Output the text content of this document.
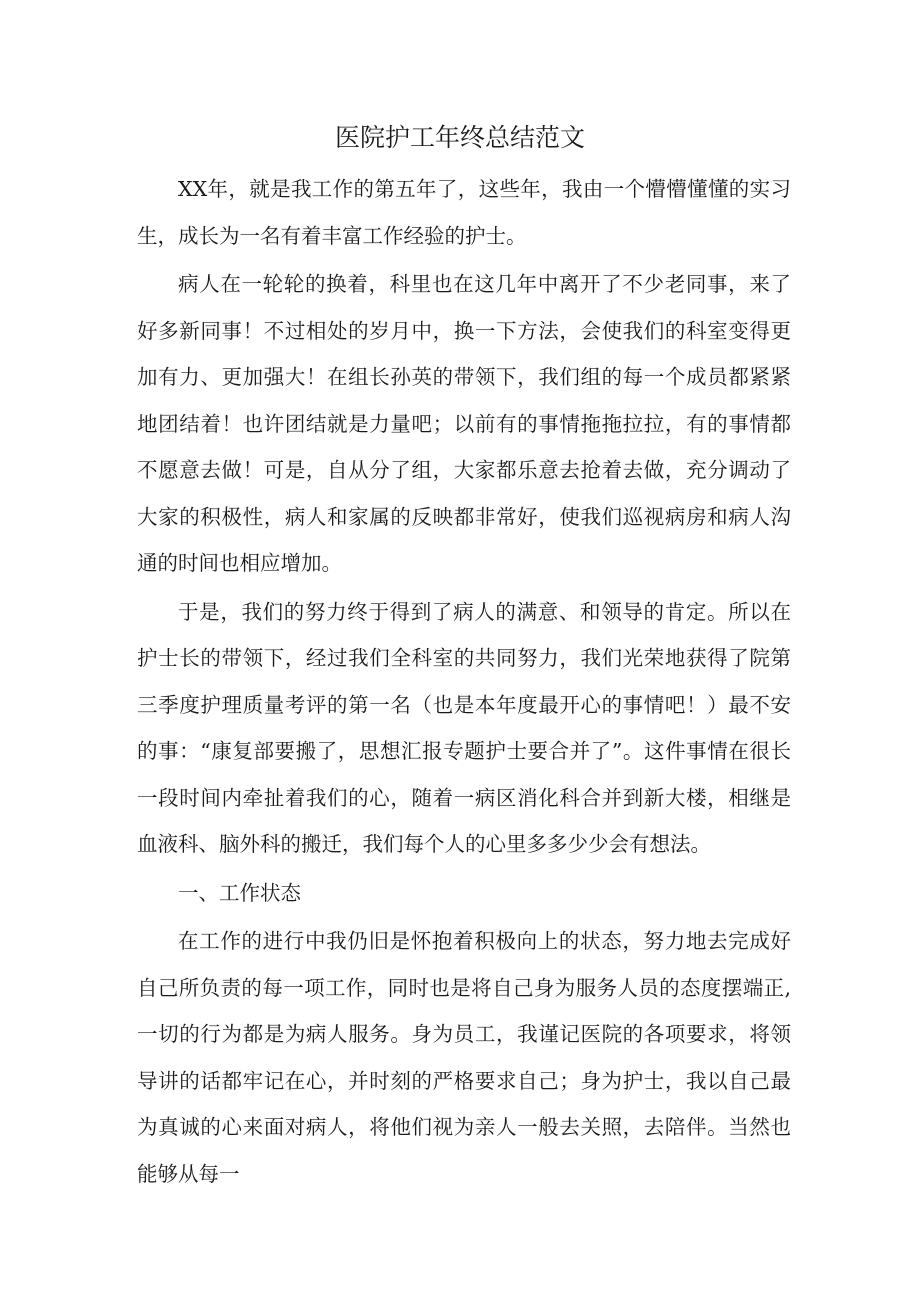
医院护工年终总结范文

XX年，就是我工作的第五年了，这些年，我由一个懵懵懂懂的实习生，成长为一名有着丰富工作经验的护士。

病人在一轮轮的换着，科里也在这几年中离开了不少老同事，来了好多新同事！不过相处的岁月中，换一下方法，会使我们的科室变得更加有力、更加强大！在组长孙英的带领下，我们组的每一个成员都紧紧地团结着！也许团结就是力量吧；以前有的事情拖拖拉拉，有的事情都不愿意去做！可是，自从分了组，大家都乐意去抢着去做，充分调动了大家的积极性，病人和家属的反映都非常好，使我们巡视病房和病人沟通的时间也相应增加。

于是，我们的努力终于得到了病人的满意、和领导的肯定。所以在护士长的带领下，经过我们全科室的共同努力，我们光荣地获得了院第三季度护理质量考评的第一名（也是本年度最开心的事情吧！）最不安的事：“康复部要搬了，思想汇报专题护士要合并了”。这件事情在很长一段时间内牵扯着我们的心，随着一病区消化科合并到新大楼，相继是血液科、脑外科的搬迁，我们每个人的心里多多少少会有想法。

一、工作状态

在工作的进行中我仍旧是怀抱着积极向上的状态，努力地去完成好自己所负责的每一项工作，同时也是将自己身为服务人员的态度摆端正,一切的行为都是为病人服务。身为员工，我谨记医院的各项要求，将领导讲的话都牢记在心，并时刻的严格要求自己；身为护士，我以自己最为真诚的心来面对病人，将他们视为亲人一般去关照，去陪伴。当然也能够从每一
